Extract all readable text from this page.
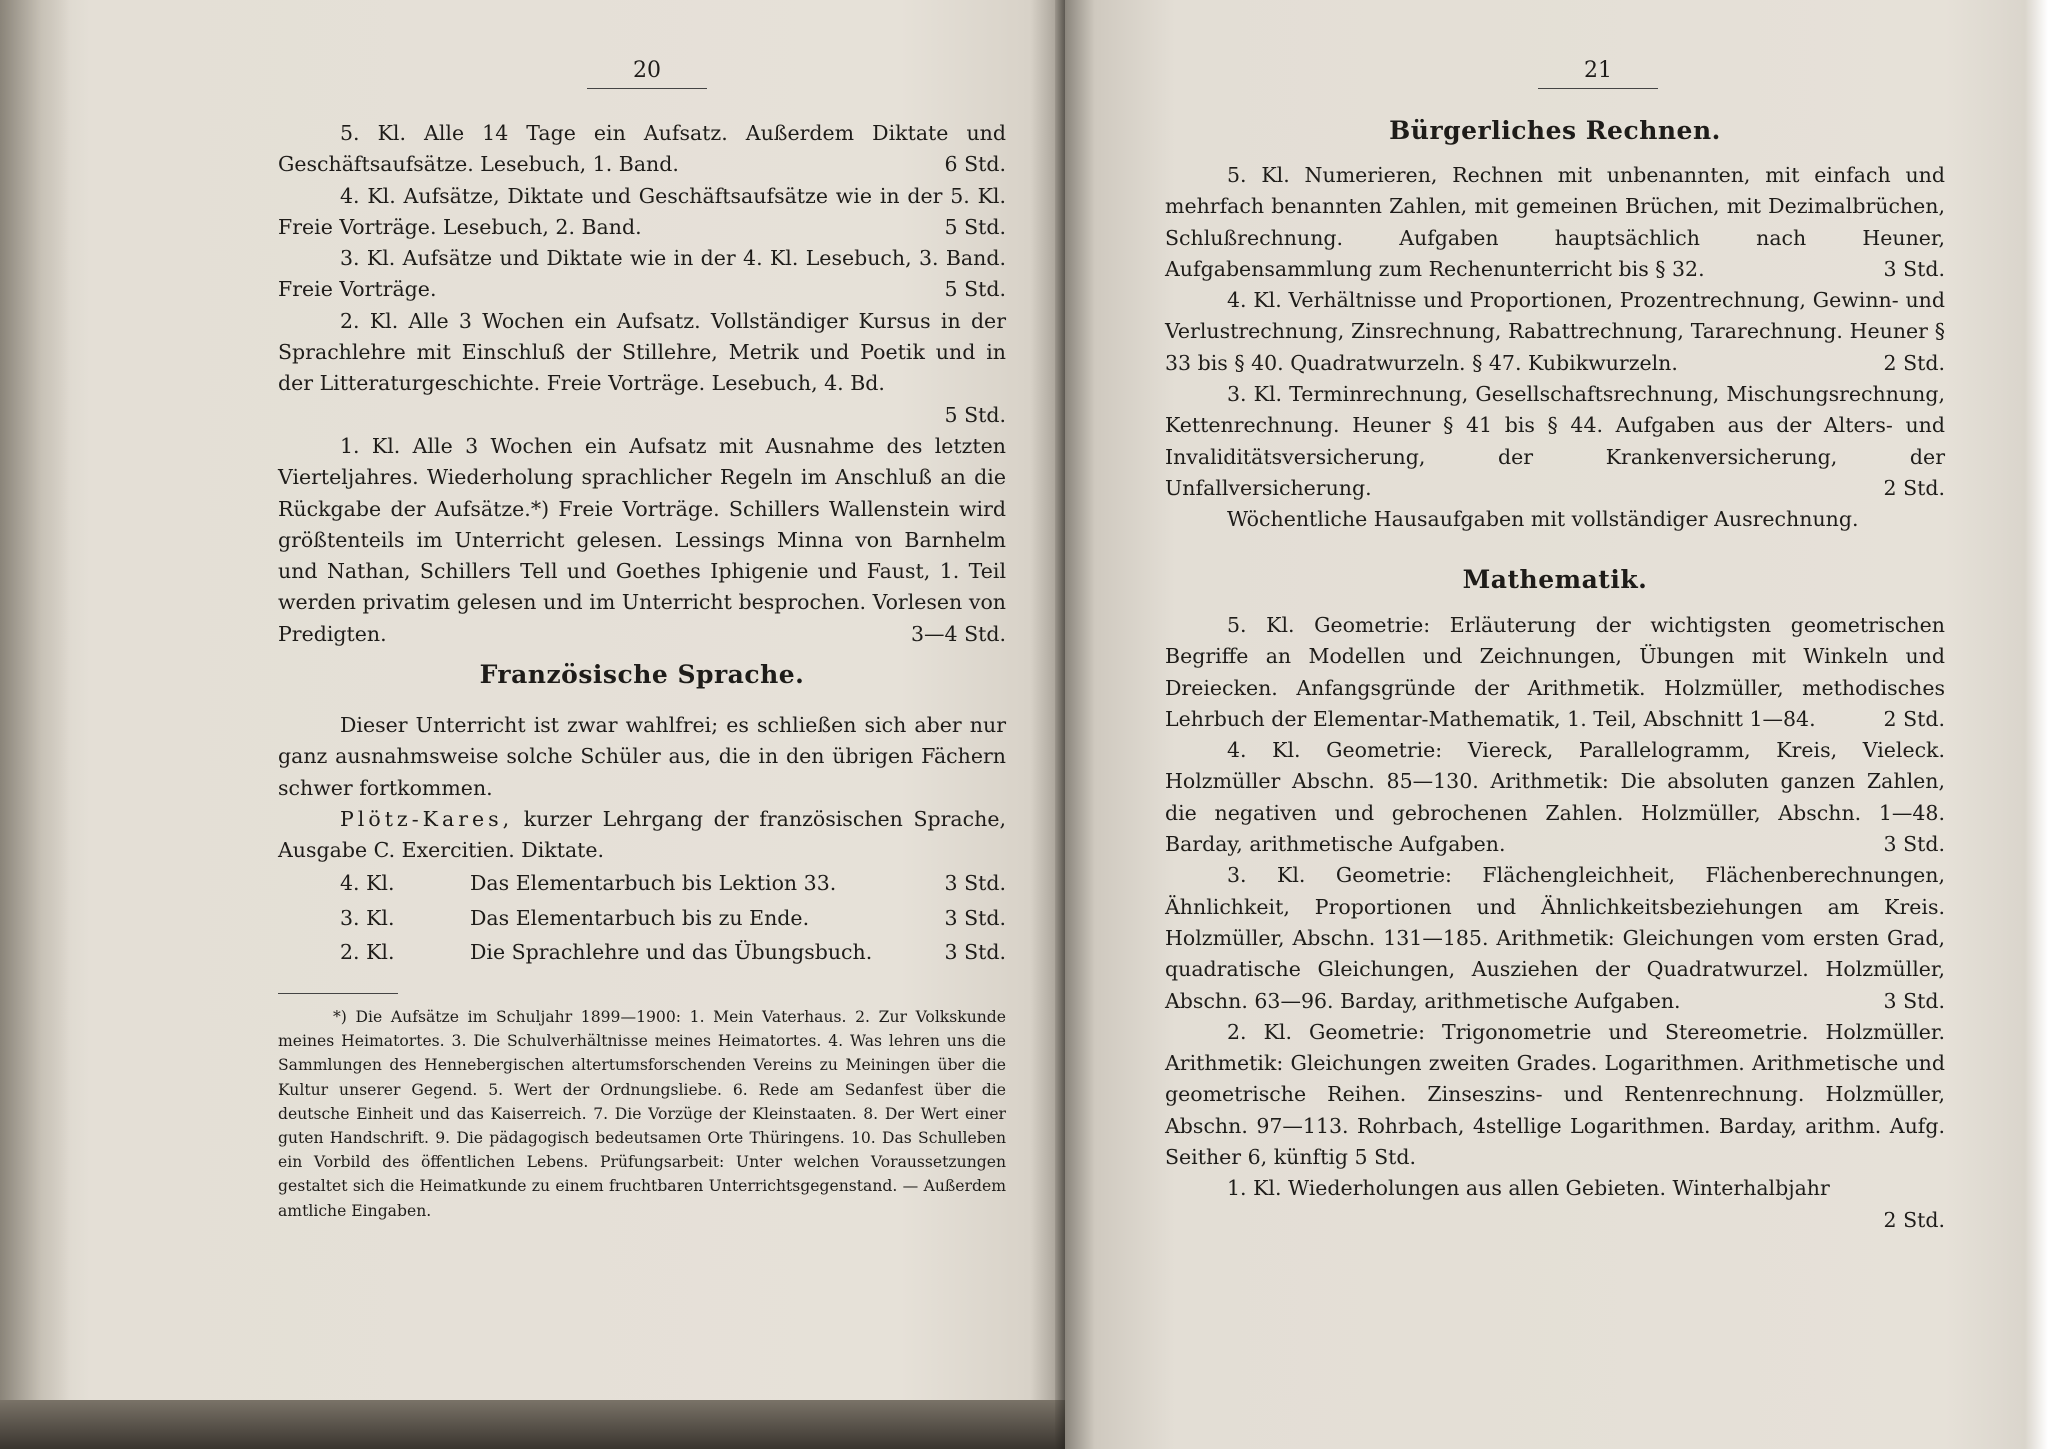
20

5. Kl. Alle 14 Tage ein Aufsatz. Außerdem Diktate und Geschäftsaufsätze. Lesebuch, 1. Band.	6 Std.

4. Kl. Aufsätze, Diktate und Geschäftsaufsätze wie in der 5. Kl. Freie Vorträge. Lesebuch, 2. Band.	5 Std.

3. Kl. Aufsätze und Diktate wie in der 4. Kl. Lesebuch, 3. Band. Freie Vorträge.	5 Std.

2. Kl. Alle 3 Wochen ein Aufsatz. Vollständiger Kursus in der Sprachlehre mit Einschluß der Stillehre, Metrik und Poetik und in der Litteraturgeschichte. Freie Vorträge. Lesebuch, 4. Bd.
5 Std.

1. Kl. Alle 3 Wochen ein Aufsatz mit Ausnahme des letzten Vierteljahres. Wiederholung sprachlicher Regeln im Anschluß an die Rückgabe der Aufsätze.*) Freie Vorträge. Schillers Wallenstein wird größtenteils im Unterricht gelesen. Lessings Minna von Barnhelm und Nathan, Schillers Tell und Goethes Iphigenie und Faust, 1. Teil werden privatim gelesen und im Unterricht besprochen. Vorlesen von Predigten.	3—4 Std.

Französische Sprache.

Dieser Unterricht ist zwar wahlfrei; es schließen sich aber nur ganz ausnahmsweise solche Schüler aus, die in den übrigen Fächern schwer fortkommen.

Plötz-Kares, kurzer Lehrgang der französischen Sprache, Ausgabe C. Exercitien. Diktate.

4. Kl.	Das Elementarbuch bis Lektion 33.	3 Std.
3. Kl.	Das Elementarbuch bis zu Ende.	3 Std.
2. Kl.	Die Sprachlehre und das Übungsbuch.	3 Std.

*) Die Aufsätze im Schuljahr 1899—1900: 1. Mein Vaterhaus. 2. Zur Volkskunde meines Heimatortes. 3. Die Schulverhältnisse meines Heimatortes. 4. Was lehren uns die Sammlungen des Hennebergischen altertumsforschenden Vereins zu Meiningen über die Kultur unserer Gegend. 5. Wert der Ordnungsliebe. 6. Rede am Sedanfest über die deutsche Einheit und das Kaiserreich. 7. Die Vorzüge der Kleinstaaten. 8. Der Wert einer guten Handschrift. 9. Die pädagogisch bedeutsamen Orte Thüringens. 10. Das Schulleben ein Vorbild des öffentlichen Lebens. Prüfungsarbeit: Unter welchen Voraussetzungen gestaltet sich die Heimatkunde zu einem fruchtbaren Unterrichtsgegenstand. — Außerdem amtliche Eingaben.

21
Bürgerliches Rechnen.

5. Kl. Numerieren, Rechnen mit unbenannten, mit einfach und mehrfach benannten Zahlen, mit gemeinen Brüchen, mit Dezimalbrüchen, Schlußrechnung. Aufgaben hauptsächlich nach Heuner, Aufgabensammlung zum Rechenunterricht bis § 32.	3 Std.

4. Kl. Verhältnisse und Proportionen, Prozentrechnung, Gewinn- und Verlustrechnung, Zinsrechnung, Rabattrechnung, Tararechnung. Heuner § 33 bis § 40. Quadratwurzeln. § 47. Kubikwurzeln.	2 Std.

3. Kl. Terminrechnung, Gesellschaftsrechnung, Mischungsrechnung, Kettenrechnung. Heuner § 41 bis § 44. Aufgaben aus der Alters- und Invaliditätsversicherung, der Krankenversicherung, der Unfallversicherung.	2 Std.

Wöchentliche Hausaufgaben mit vollständiger Ausrechnung.

Mathematik.

5. Kl. Geometrie: Erläuterung der wichtigsten geometrischen Begriffe an Modellen und Zeichnungen, Übungen mit Winkeln und Dreiecken. Anfangsgründe der Arithmetik. Holzmüller, methodisches Lehrbuch der Elementar-Mathematik, 1. Teil, Abschnitt 1—84.	2 Std.

4. Kl. Geometrie: Viereck, Parallelogramm, Kreis, Vieleck. Holzmüller Abschn. 85—130. Arithmetik: Die absoluten ganzen Zahlen, die negativen und gebrochenen Zahlen. Holzmüller, Abschn. 1—48. Barday, arithmetische Aufgaben.	3 Std.

3. Kl. Geometrie: Flächengleichheit, Flächenberechnungen, Ähnlichkeit, Proportionen und Ähnlichkeitsbeziehungen am Kreis. Holzmüller, Abschn. 131—185. Arithmetik: Gleichungen vom ersten Grad, quadratische Gleichungen, Ausziehen der Quadratwurzel. Holzmüller, Abschn. 63—96. Barday, arithmetische Aufgaben.	3 Std.

2. Kl. Geometrie: Trigonometrie und Stereometrie. Holzmüller. Arithmetik: Gleichungen zweiten Grades. Logarithmen. Arithmetische und geometrische Reihen. Zinseszins- und Rentenrechnung. Holzmüller, Abschn. 97—113. Rohrbach, 4stellige Logarithmen. Barday, arithm. Aufg. Seither 6, künftig 5 Std.

1. Kl. Wiederholungen aus allen Gebieten. Winterhalbjahr
2 Std.
